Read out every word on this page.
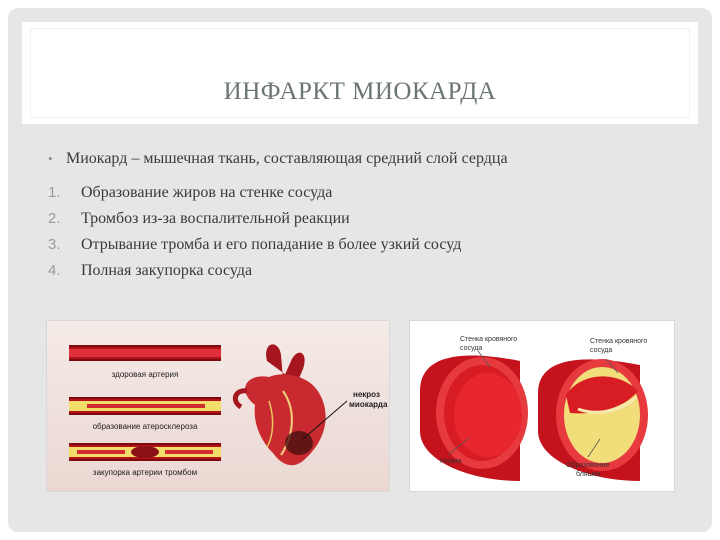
ИНФАРКТ МИОКАРДА
• Миокард – мышечная ткань, составляющая средний слой сердца
1.	Образование жиров на стенке сосуда
2.	Тромбоз из-за воспалительной реакции
3.	Отрывание тромба и его попадание в более узкий сосуд
4.	Полная закупорка сосуда
здоровая артерия
образование атеросклероза
закупорка артерии тромбом
некроз
миокарда
Стенка кровяного
сосуда
Стенка кровяного
сосуда
Норма
Образование
бляшек
